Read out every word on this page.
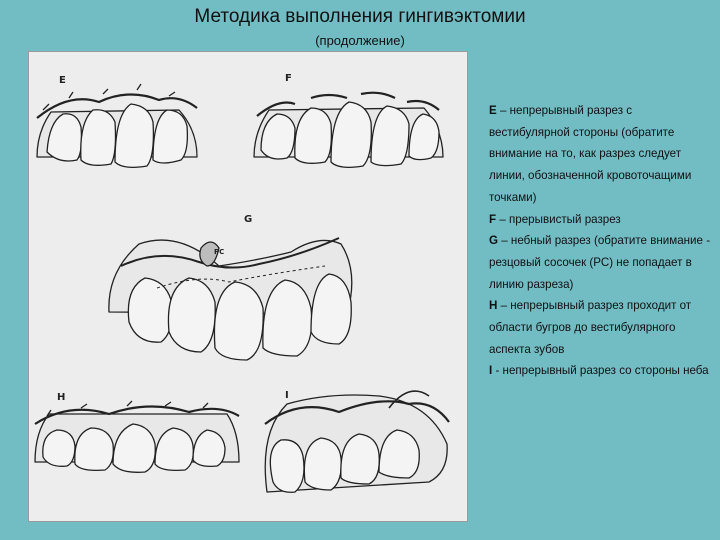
Методика выполнения гингивэктомии
(продолжение)
E	F
G
PC
H	I

E – непрерывный разрез с вестибулярной стороны (обратите внимание на то, как разрез следует линии, обозначенной кровоточащими точками)

F – прерывистый разрез

G – небный разрез (обратите внимание - резцовый сосочек (РС) не попадает в линию разреза)

H – непрерывный разрез проходит от области бугров до вестибулярного аспекта зубов

I - непрерывный разрез со стороны неба
